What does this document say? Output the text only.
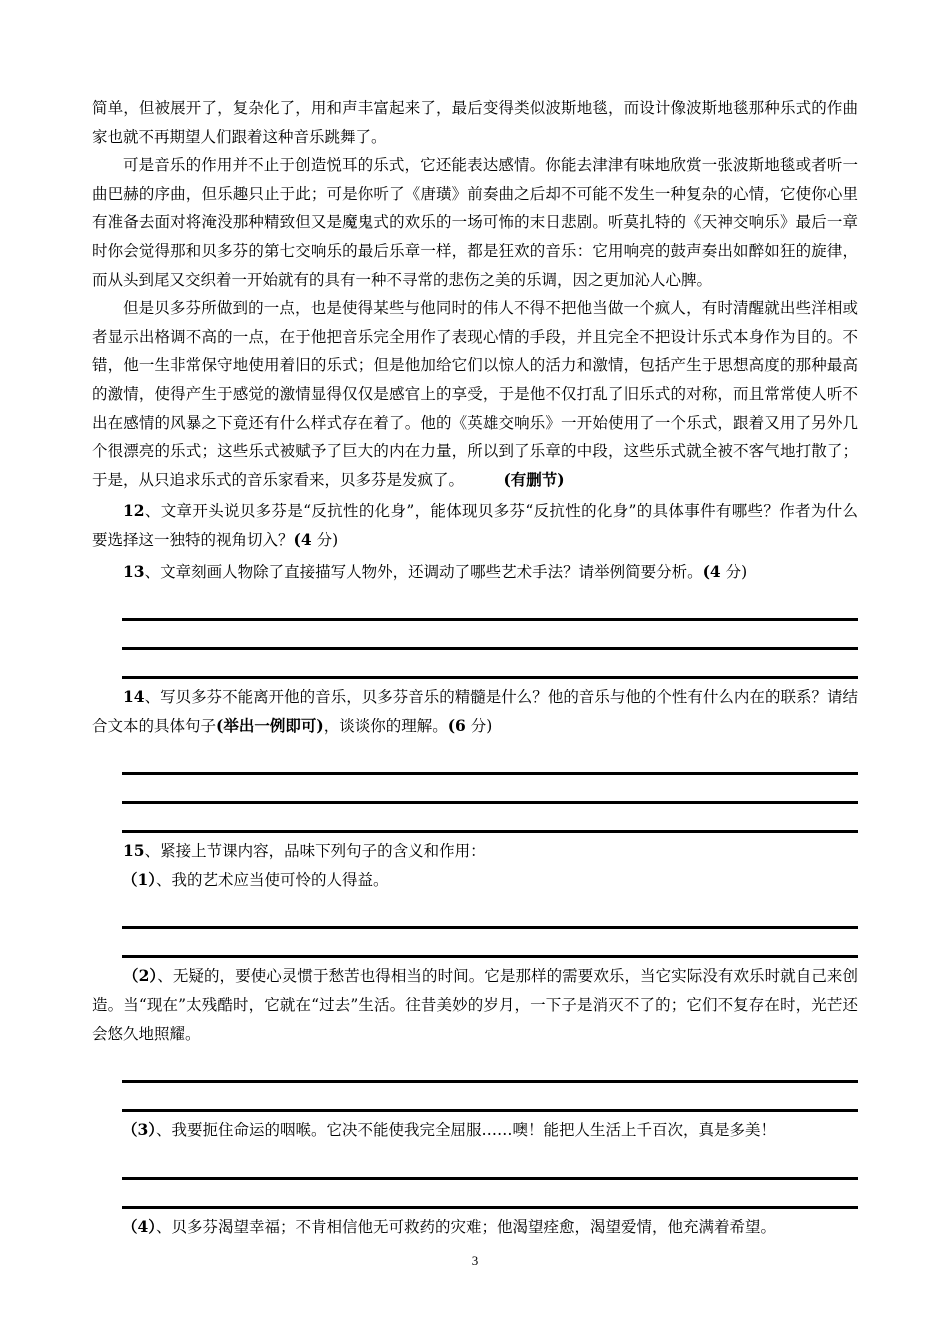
简单，但被展开了，复杂化了，用和声丰富起来了，最后变得类似波斯地毯，而设计像波斯地毯那种乐式的作曲家也就不再期望人们跟着这种音乐跳舞了。

可是音乐的作用并不止于创造悦耳的乐式，它还能表达感情。你能去津津有味地欣赏一张波斯地毯或者听一曲巴赫的序曲，但乐趣只止于此；可是你听了《唐璜》前奏曲之后却不可能不发生一种复杂的心情，它使你心里有准备去面对将淹没那种精致但又是魔鬼式的欢乐的一场可怖的末日悲剧。听莫扎特的《天神交响乐》最后一章时你会觉得那和贝多芬的第七交响乐的最后乐章一样，都是狂欢的音乐：它用响亮的鼓声奏出如醉如狂的旋律，而从头到尾又交织着一开始就有的具有一种不寻常的悲伤之美的乐调，因之更加沁人心脾。

但是贝多芬所做到的一点，也是使得某些与他同时的伟人不得不把他当做一个疯人，有时清醒就出些洋相或者显示出格调不高的一点，在于他把音乐完全用作了表现心情的手段，并且完全不把设计乐式本身作为目的。不错，他一生非常保守地使用着旧的乐式；但是他加给它们以惊人的活力和激情，包括产生于思想高度的那种最高的激情，使得产生于感觉的激情显得仅仅是感官上的享受，于是他不仅打乱了旧乐式的对称，而且常常使人听不出在感情的风暴之下竟还有什么样式存在着了。他的《英雄交响乐》一开始使用了一个乐式，跟着又用了另外几个很漂亮的乐式；这些乐式被赋予了巨大的内在力量，所以到了乐章的中段，这些乐式就全被不客气地打散了；于是，从只追求乐式的音乐家看来，贝多芬是发疯了。	(有删节)

12、文章开头说贝多芬是“反抗性的化身”，能体现贝多芬“反抗性的化身”的具体事件有哪些？作者为什么要选择这一独特的视角切入？(4 分)

13、文章刻画人物除了直接描写人物外，还调动了哪些艺术手法？请举例简要分析。(4 分)

14、写贝多芬不能离开他的音乐，贝多芬音乐的精髓是什么？他的音乐与他的个性有什么内在的联系？请结合文本的具体句子(举出一例即可)，谈谈你的理解。(6 分)

15、紧接上节课内容，品味下列句子的含义和作用：

（1）、我的艺术应当使可怜的人得益。

（2）、无疑的，要使心灵惯于愁苦也得相当的时间。它是那样的需要欢乐，当它实际没有欢乐时就自己来创造。当“现在”太残酷时，它就在“过去”生活。往昔美妙的岁月，一下子是消灭不了的；它们不复存在时，光芒还会悠久地照耀。

（3）、我要扼住命运的咽喉。它决不能使我完全屈服……噢！能把人生活上千百次，真是多美！

（4）、贝多芬渴望幸福；不肯相信他无可救药的灾难；他渴望痊愈，渴望爱情，他充满着希望。

3
